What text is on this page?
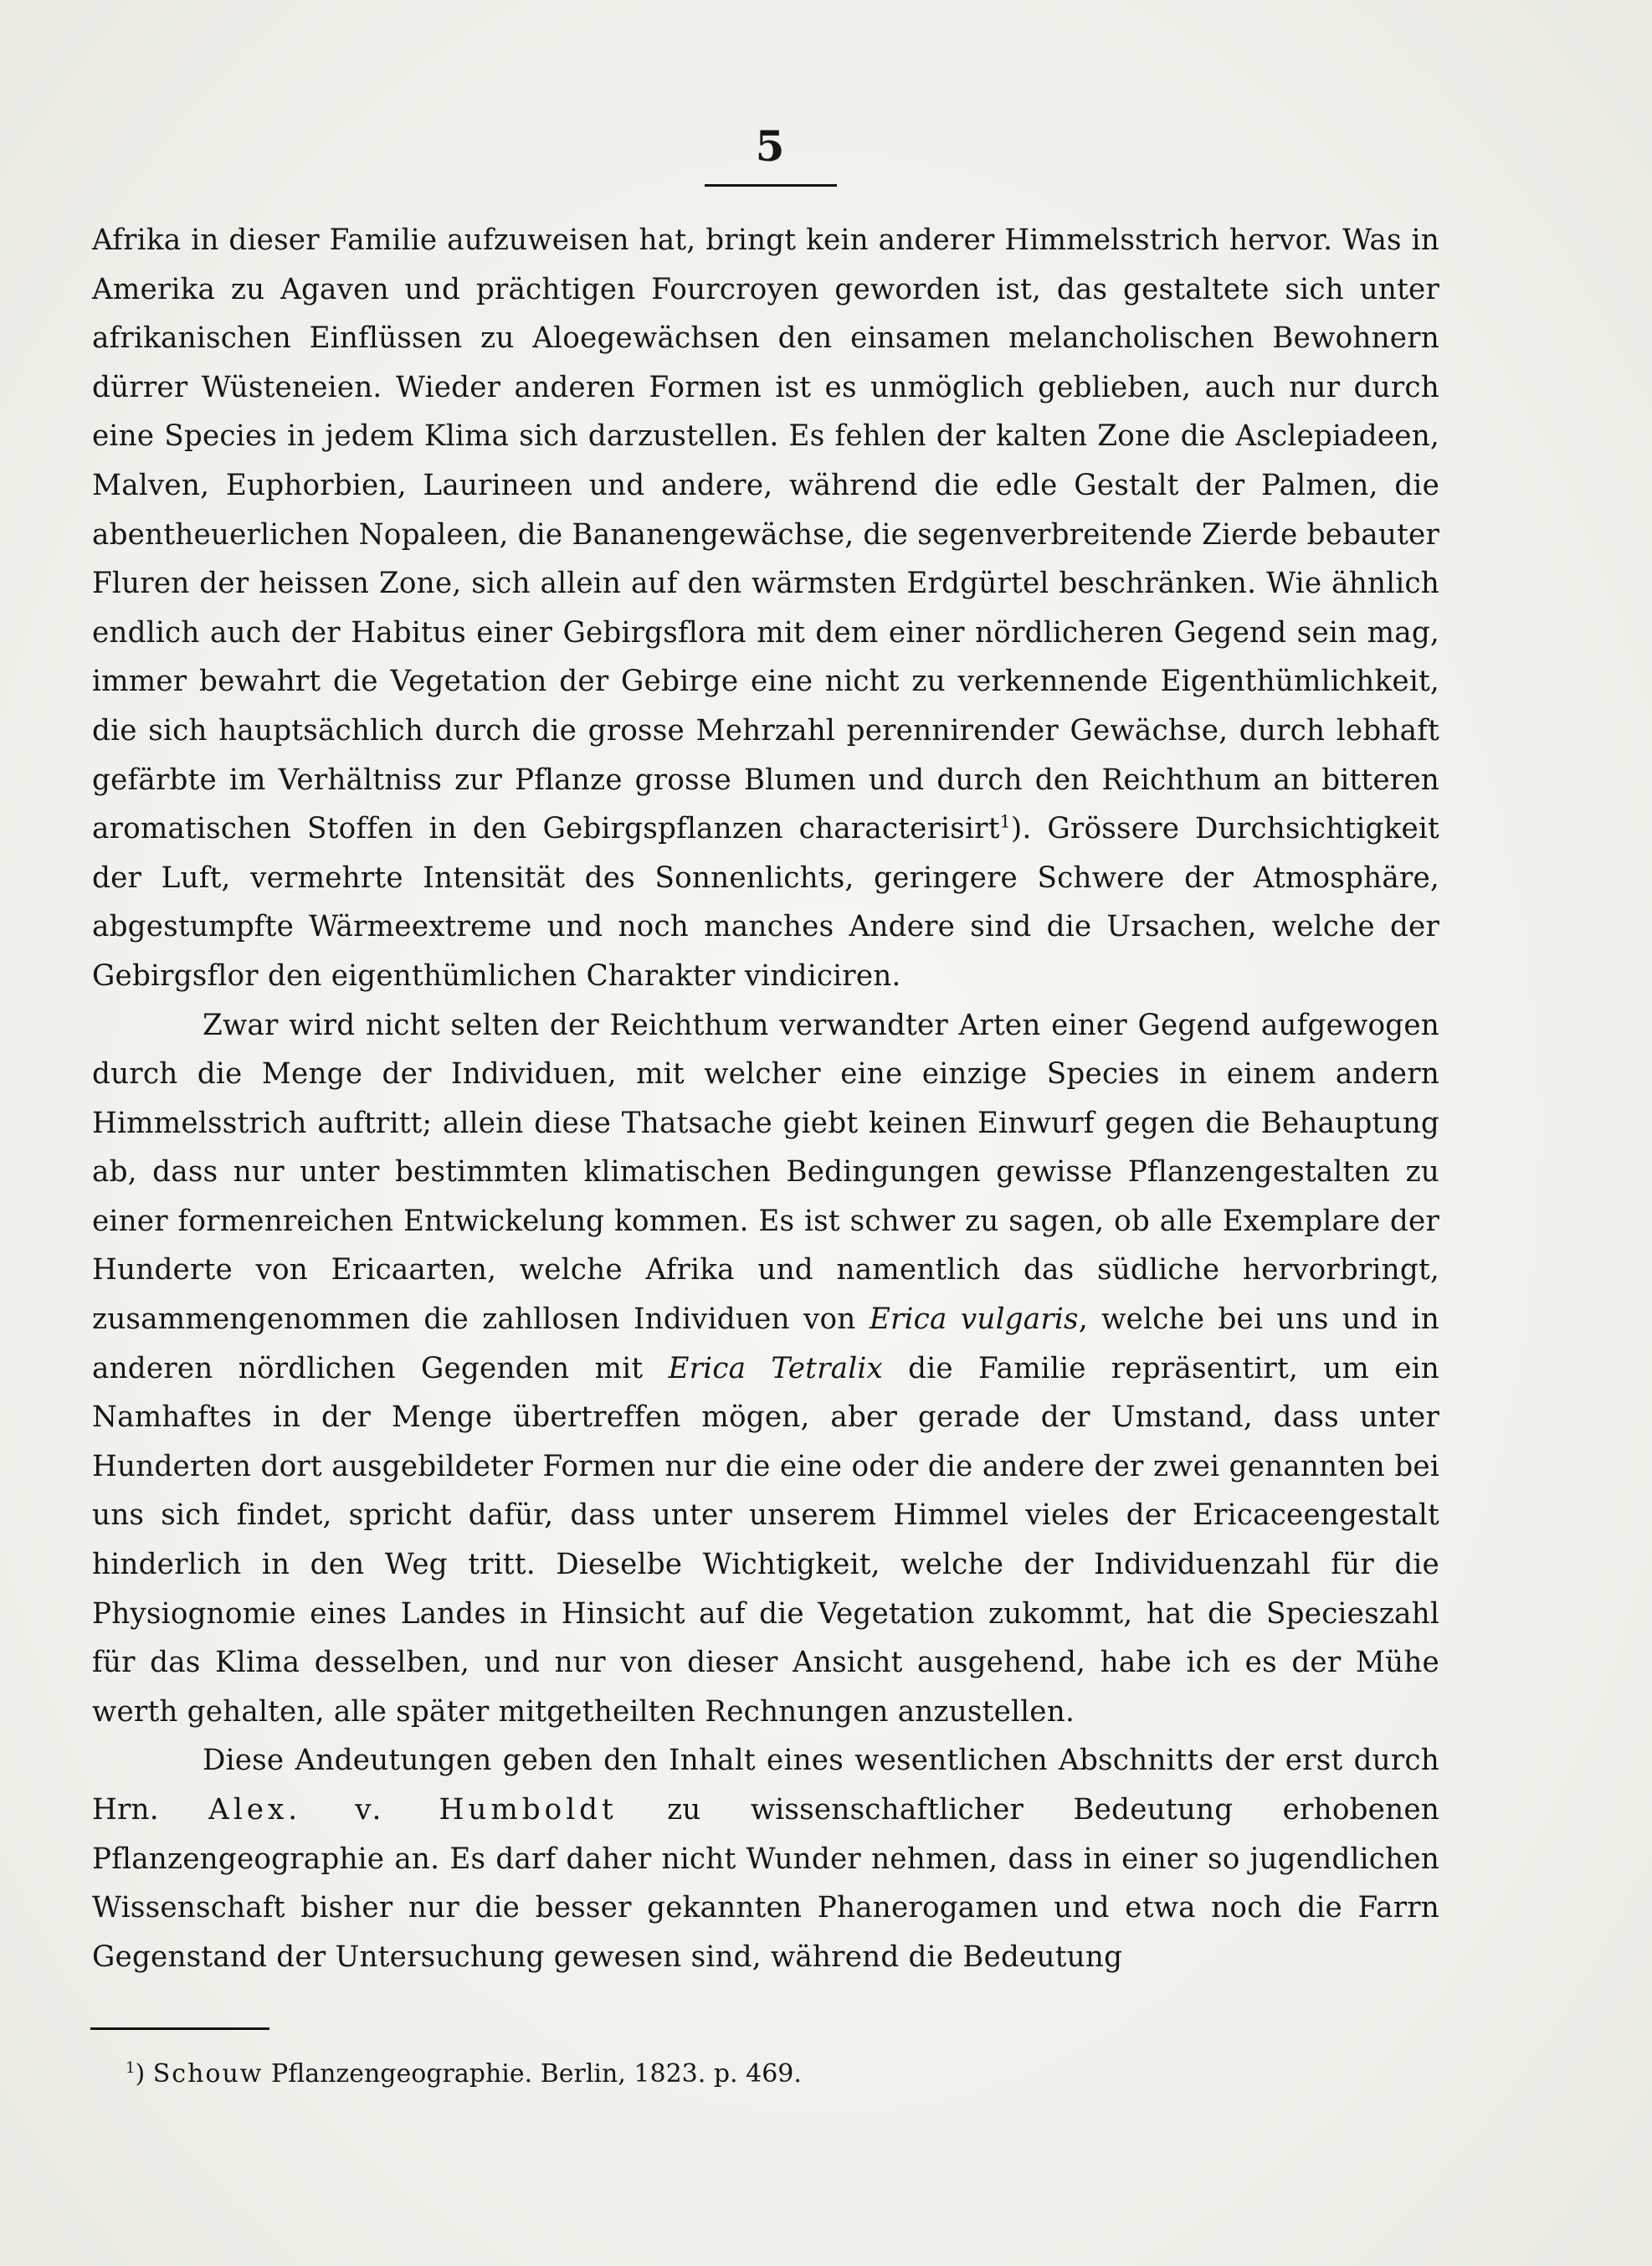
5

Afrika in dieser Familie aufzuweisen hat, bringt kein anderer Himmelsstrich hervor. Was in Amerika zu Agaven und prächtigen Fourcroyen geworden ist, das gestaltete sich unter afrikanischen Einflüssen zu Aloegewächsen den einsamen melancholischen Bewohnern dürrer Wüsteneien. Wieder anderen Formen ist es unmöglich geblieben, auch nur durch eine Species in jedem Klima sich darzustellen. Es fehlen der kalten Zone die Asclepiadeen, Malven, Euphorbien, Laurineen und andere, während die edle Gestalt der Palmen, die abentheuerlichen Nopaleen, die Bananengewächse, die segenverbreitende Zierde bebauter Fluren der heissen Zone, sich allein auf den wärmsten Erdgürtel beschränken. Wie ähnlich endlich auch der Habitus einer Gebirgsflora mit dem einer nördlicheren Gegend sein mag, immer bewahrt die Vegetation der Gebirge eine nicht zu verkennende Eigenthümlichkeit, die sich hauptsächlich durch die grosse Mehrzahl perennirender Gewächse, durch lebhaft gefärbte im Verhältniss zur Pflanze grosse Blumen und durch den Reichthum an bitteren aromatischen Stoffen in den Gebirgspflanzen characterisirt$^1$). Grössere Durchsichtigkeit der Luft, vermehrte Intensität des Sonnenlichts, geringere Schwere der Atmosphäre, abgestumpfte Wärmeextreme und noch manches Andere sind die Ursachen, welche der Gebirgsflor den eigenthümlichen Charakter vindiciren.

Zwar wird nicht selten der Reichthum verwandter Arten einer Gegend aufgewogen durch die Menge der Individuen, mit welcher eine einzige Species in einem andern Himmelsstrich auftritt; allein diese Thatsache giebt keinen Einwurf gegen die Behauptung ab, dass nur unter bestimmten klimatischen Bedingungen gewisse Pflanzengestalten zu einer formenreichen Entwickelung kommen. Es ist schwer zu sagen, ob alle Exemplare der Hunderte von Ericaarten, welche Afrika und namentlich das südliche hervorbringt, zusammengenommen die zahllosen Individuen von Erica vulgaris, welche bei uns und in anderen nördlichen Gegenden mit Erica Tetralix die Familie repräsentirt, um ein Namhaftes in der Menge übertreffen mögen, aber gerade der Umstand, dass unter Hunderten dort ausgebildeter Formen nur die eine oder die andere der zwei genannten bei uns sich findet, spricht dafür, dass unter unserem Himmel vieles der Ericaceengestalt hinderlich in den Weg tritt. Dieselbe Wichtigkeit, welche der Individuenzahl für die Physiognomie eines Landes in Hinsicht auf die Vegetation zukommt, hat die Specieszahl für das Klima desselben, und nur von dieser Ansicht ausgehend, habe ich es der Mühe werth gehalten, alle später mitgetheilten Rechnungen anzustellen.

Diese Andeutungen geben den Inhalt eines wesentlichen Abschnitts der erst durch Hrn. Alex. v. Humboldt zu wissenschaftlicher Bedeutung erhobenen Pflanzengeographie an. Es darf daher nicht Wunder nehmen, dass in einer so jugendlichen Wissenschaft bisher nur die besser gekannten Phanerogamen und etwa noch die Farrn Gegenstand der Untersuchung gewesen sind, während die Bedeutung

$^1$) Schouw Pflanzengeographie. Berlin, 1823. p. 469.
